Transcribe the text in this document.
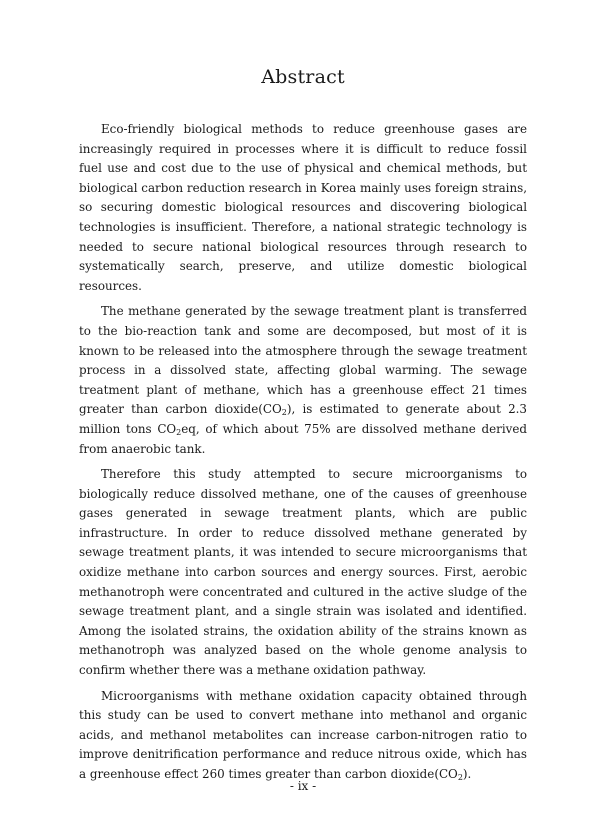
Abstract

Eco-friendly biological methods to reduce greenhouse gases are increasingly required in processes where it is difficult to reduce fossil fuel use and cost due to the use of physical and chemical methods, but biological carbon reduction research in Korea mainly uses foreign strains, so securing domestic biological resources and discovering biological technologies is insufficient. Therefore, a national strategic technology is needed to secure national biological resources through research to systematically search, preserve, and utilize domestic biological resources.

The methane generated by the sewage treatment plant is transferred to the bio-reaction tank and some are decomposed, but most of it is known to be released into the atmosphere through the sewage treatment process in a dissolved state, affecting global warming. The sewage treatment plant of methane, which has a greenhouse effect 21 times greater than carbon $dioxide(CO_2)$, is estimated to generate about 2.3 million tons $CO_2eq$, of which about 75% are dissolved methane derived from anaerobic tank.

Therefore this study attempted to secure microorganisms to biologically reduce dissolved methane, one of the causes of greenhouse gases generated in sewage treatment plants, which are public infrastructure. In order to reduce dissolved methane generated by sewage treatment plants, it was intended to secure microorganisms that oxidize methane into carbon sources and energy sources. First, aerobic methanotroph were concentrated and cultured in the active sludge of the sewage treatment plant, and a single strain was isolated and identified. Among the isolated strains, the oxidation ability of the strains known as methanotroph was analyzed based on the whole genome analysis to confirm whether there was a methane oxidation pathway.

Microorganisms with methane oxidation capacity obtained through this study can be used to convert methane into methanol and organic acids, and methanol metabolites can increase carbon-nitrogen ratio to improve denitrification performance and reduce nitrous oxide, which has a greenhouse effect 260 times greater than carbon $dioxide(CO_2)$.

- ix -
